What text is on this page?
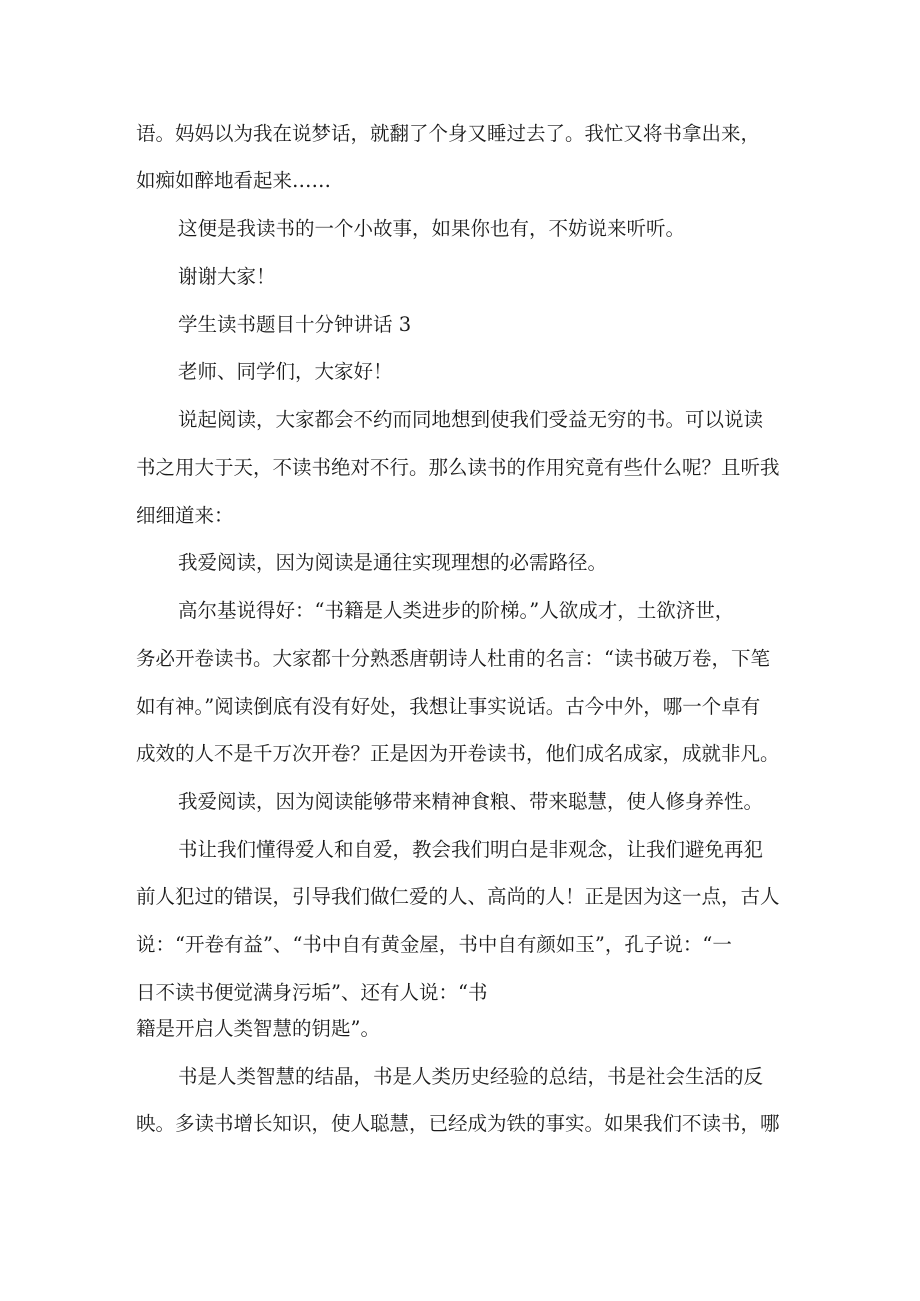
语。妈妈以为我在说梦话，就翻了个身又睡过去了。我忙又将书拿出来，
如痴如醉地看起来……
这便是我读书的一个小故事，如果你也有，不妨说来听听。
谢谢大家！
学生读书题目十分钟讲话 3
老师、同学们，大家好！
说起阅读，大家都会不约而同地想到使我们受益无穷的书。可以说读
书之用大于天，不读书绝对不行。那么读书的作用究竟有些什么呢？且听我
细细道来：
我爱阅读，因为阅读是通往实现理想的必需路径。
高尔基说得好：“书籍是人类进步的阶梯。”人欲成才，土欲济世，
务必开卷读书。大家都十分熟悉唐朝诗人杜甫的名言：“读书破万卷，下笔
如有神。”阅读倒底有没有好处，我想让事实说话。古今中外，哪一个卓有
成效的人不是千万次开卷？正是因为开卷读书，他们成名成家，成就非凡。
我爱阅读，因为阅读能够带来精神食粮、带来聪慧，使人修身养性。
书让我们懂得爱人和自爱，教会我们明白是非观念，让我们避免再犯
前人犯过的错误，引导我们做仁爱的人、高尚的人！正是因为这一点，古人
说：“开卷有益”、“书中自有黄金屋，书中自有颜如玉”，孔子说：“一
日不读书便觉满身污垢”、还有人说：“书
籍是开启人类智慧的钥匙”。
书是人类智慧的结晶，书是人类历史经验的总结，书是社会生活的反
映。多读书增长知识，使人聪慧，已经成为铁的事实。如果我们不读书，哪
